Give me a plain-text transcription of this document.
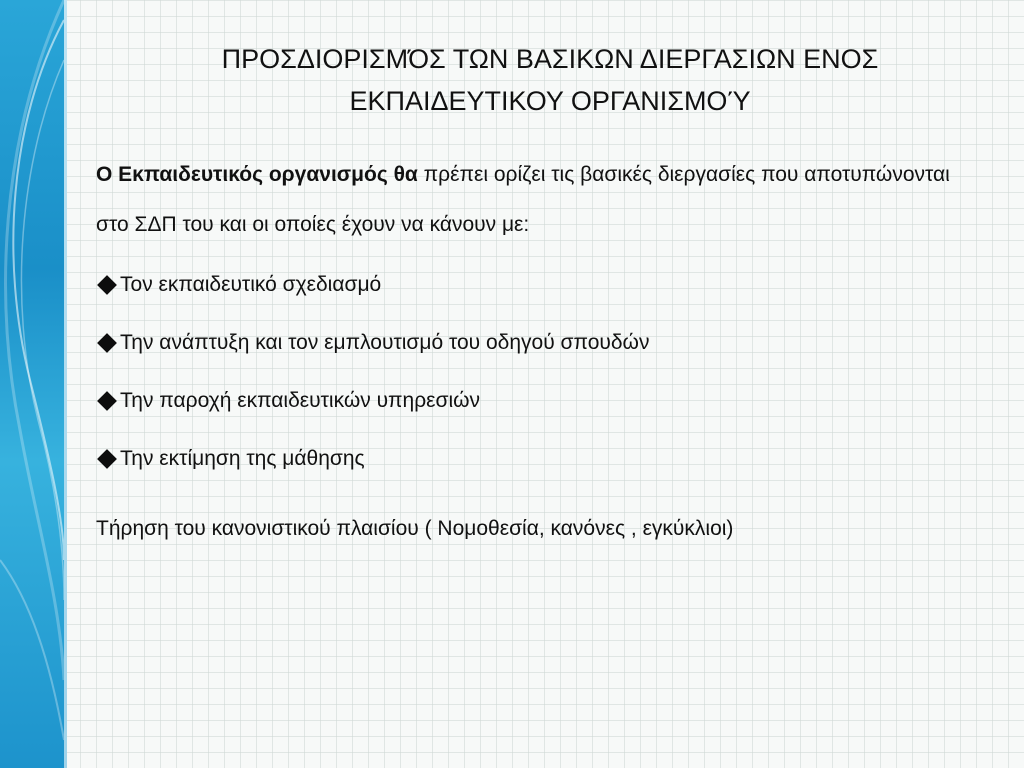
ΠΡΟΣΔΙΟΡΙΣΜΌΣ ΤΩΝ ΒΑΣΙΚΩΝ ΔΙΕΡΓΑΣΙΩΝ ΕΝΟΣ
ΕΚΠΑΙΔΕΥΤΙΚΟΥ ΟΡΓΑΝΙΣΜΟΎ

Ο Εκπαιδευτικός οργανισμός θα πρέπει ορίζει τις βασικές διεργασίες που αποτυπώνονται στο ΣΔΠ του και οι οποίες έχουν να κάνουν με:

Τον εκπαιδευτικό σχεδιασμό

Την ανάπτυξη και τον εμπλουτισμό του οδηγού σπουδών

Την παροχή εκπαιδευτικών υπηρεσιών

Την εκτίμηση της μάθησης

Τήρηση του κανονιστικού πλαισίου ( Νομοθεσία, κανόνες , εγκύκλιοι)
